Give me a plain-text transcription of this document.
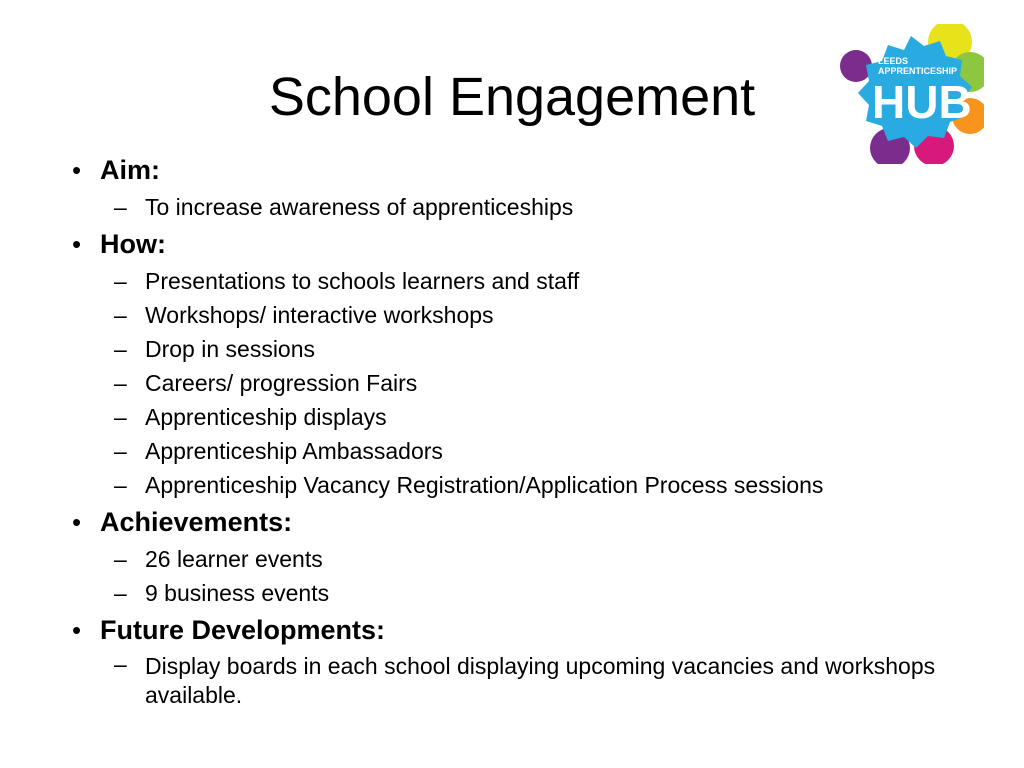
School Engagement
LEEDS
APPRENTICESHIP
HUB
• Aim:
– To increase awareness of apprenticeships
• How:
– Presentations to schools learners and staff
– Workshops/ interactive workshops
– Drop in sessions
– Careers/ progression Fairs
– Apprenticeship displays
– Apprenticeship Ambassadors
– Apprenticeship Vacancy Registration/Application Process sessions
• Achievements:
– 26 learner events
– 9 business events
• Future Developments:
– Display boards in each school displaying upcoming vacancies and workshops available.
